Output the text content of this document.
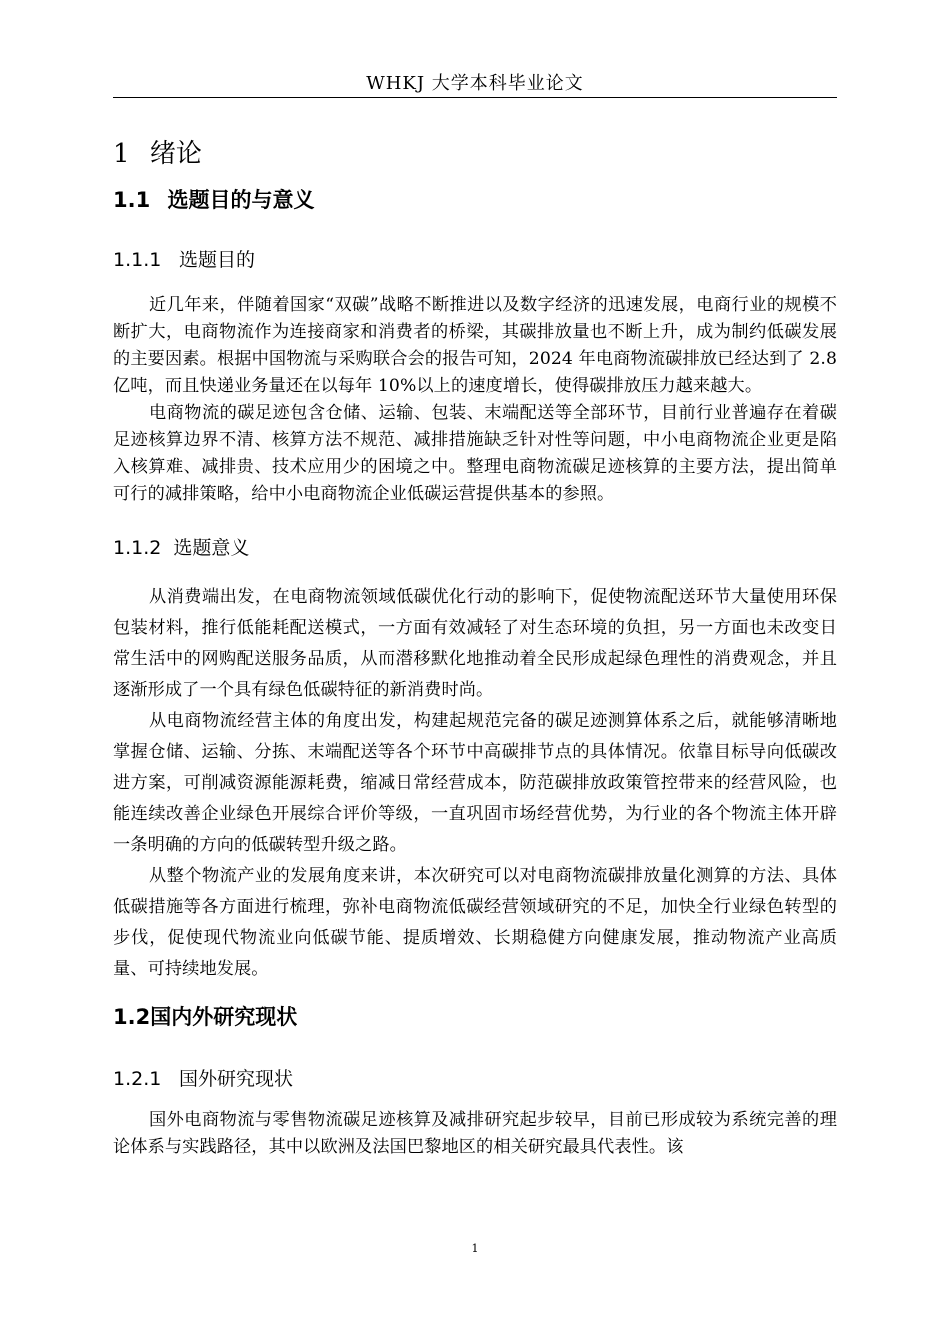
WHKJ 大学本科毕业论文
1 绪论
1.1 选题目的与意义
1.1.1 选题目的

近几年来，伴随着国家“双碳”战略不断推进以及数字经济的迅速发展，电商行业的规模不断扩大，电商物流作为连接商家和消费者的桥梁，其碳排放量也不断上升，成为制约低碳发展的主要因素。根据中国物流与采购联合会的报告可知，2024 年电商物流碳排放已经达到了 2.8 亿吨，而且快递业务量还在以每年 10%以上的速度增长，使得碳排放压力越来越大。

电商物流的碳足迹包含仓储、运输、包装、末端配送等全部环节，目前行业普遍存在着碳足迹核算边界不清、核算方法不规范、减排措施缺乏针对性等问题，中小电商物流企业更是陷入核算难、减排贵、技术应用少的困境之中。整理电商物流碳足迹核算的主要方法，提出简单可行的减排策略，给中小电商物流企业低碳运营提供基本的参照。

1.1.2 选题意义

从消费端出发，在电商物流领域低碳优化行动的影响下，促使物流配送环节大量使用环保包装材料，推行低能耗配送模式，一方面有效减轻了对生态环境的负担，另一方面也未改变日常生活中的网购配送服务品质，从而潜移默化地推动着全民形成起绿色理性的消费观念，并且逐渐形成了一个具有绿色低碳特征的新消费时尚。

从电商物流经营主体的角度出发，构建起规范完备的碳足迹测算体系之后，就能够清晰地掌握仓储、运输、分拣、末端配送等各个环节中高碳排节点的具体情况。依靠目标导向低碳改进方案，可削减资源能源耗费，缩减日常经营成本，防范碳排放政策管控带来的经营风险，也能连续改善企业绿色开展综合评价等级，一直巩固市场经营优势，为行业的各个物流主体开辟一条明确的方向的低碳转型升级之路。

从整个物流产业的发展角度来讲，本次研究可以对电商物流碳排放量化测算的方法、具体低碳措施等各方面进行梳理，弥补电商物流低碳经营领域研究的不足，加快全行业绿色转型的步伐，促使现代物流业向低碳节能、提质增效、长期稳健方向健康发展，推动物流产业高质量、可持续地发展。

1.2国内外研究现状
1.2.1 国外研究现状

国外电商物流与零售物流碳足迹核算及减排研究起步较早，目前已形成较为系统完善的理论体系与实践路径，其中以欧洲及法国巴黎地区的相关研究最具代表性。该

1
